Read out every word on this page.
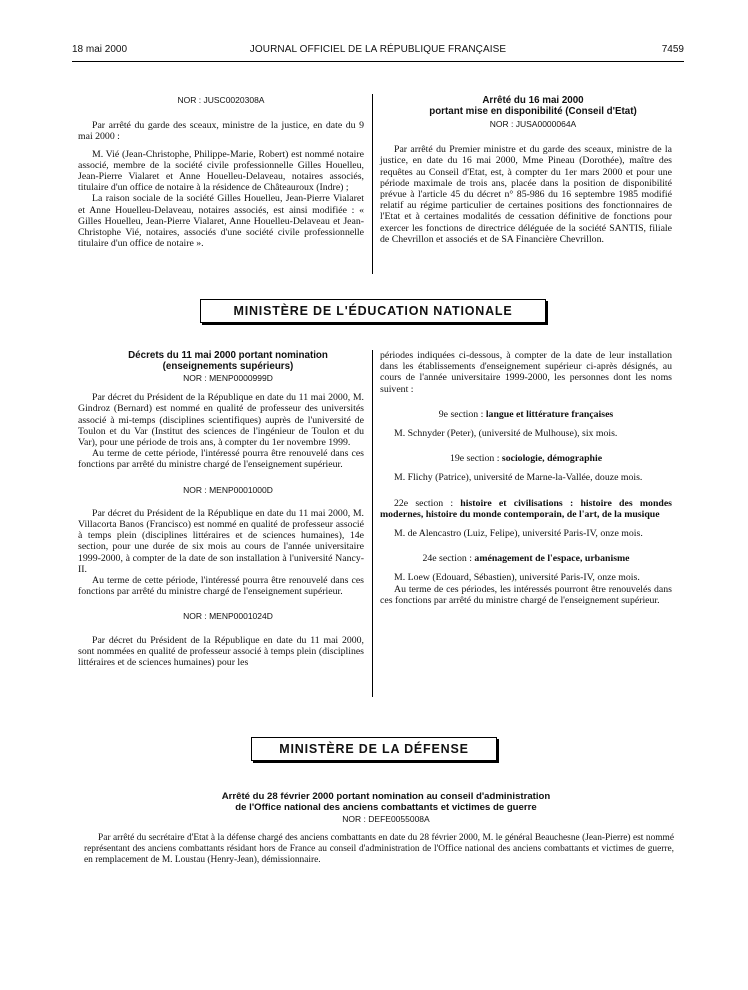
18 mai 2000	JOURNAL OFFICIEL DE LA RÉPUBLIQUE FRANÇAISE	7459

NOR : JUSC0020308A

Par arrêté du garde des sceaux, ministre de la justice, en date du 9 mai 2000 :

M. Vié (Jean-Christophe, Philippe-Marie, Robert) est nommé notaire associé, membre de la société civile professionnelle Gilles Houelleu, Jean-Pierre Vialaret et Anne Houelleu-Delaveau, notaires associés, titulaire d'un office de notaire à la résidence de Châteauroux (Indre) ;

La raison sociale de la société Gilles Houelleu, Jean-Pierre Vialaret et Anne Houelleu-Delaveau, notaires associés, est ainsi modifiée : « Gilles Houelleu, Jean-Pierre Vialaret, Anne Houelleu-Delaveau et Jean-Christophe Vié, notaires, associés d'une société civile professionnelle titulaire d'un office de notaire ».

Arrêté du 16 mai 2000

portant mise en disponibilité (Conseil d'Etat)

NOR : JUSA0000064A

Par arrêté du Premier ministre et du garde des sceaux, ministre de la justice, en date du 16 mai 2000, Mme Pineau (Dorothée), maître des requêtes au Conseil d'Etat, est, à compter du 1er mars 2000 et pour une période maximale de trois ans, placée dans la position de disponibilité prévue à l'article 45 du décret n° 85-986 du 16 septembre 1985 modifié relatif au régime particulier de certaines positions des fonctionnaires de l'Etat et à certaines modalités de cessation définitive de fonctions pour exercer les fonctions de directrice déléguée de la société SANTIS, filiale de Chevrillon et associés et de SA Financière Chevrillon.

MINISTÈRE DE L'ÉDUCATION NATIONALE

Décrets du 11 mai 2000 portant nomination

(enseignements supérieurs)

NOR : MENP0000999D

Par décret du Président de la République en date du 11 mai 2000, M. Gindroz (Bernard) est nommé en qualité de professeur des universités associé à mi-temps (disciplines scientifiques) auprès de l'université de Toulon et du Var (Institut des sciences de l'ingénieur de Toulon et du Var), pour une période de trois ans, à compter du 1er novembre 1999.

Au terme de cette période, l'intéressé pourra être renouvelé dans ces fonctions par arrêté du ministre chargé de l'enseignement supérieur.

NOR : MENP0001000D

Par décret du Président de la République en date du 11 mai 2000, M. Villacorta Banos (Francisco) est nommé en qualité de professeur associé à temps plein (disciplines littéraires et de sciences humaines), 14e section, pour une durée de six mois au cours de l'année universitaire 1999-2000, à compter de la date de son installation à l'université Nancy-II.

Au terme de cette période, l'intéressé pourra être renouvelé dans ces fonctions par arrêté du ministre chargé de l'enseignement supérieur.

NOR : MENP0001024D

Par décret du Président de la République en date du 11 mai 2000, sont nommées en qualité de professeur associé à temps plein (disciplines littéraires et de sciences humaines) pour les

périodes indiquées ci-dessous, à compter de la date de leur installation dans les établissements d'enseignement supérieur ci-après désignés, au cours de l'année universitaire 1999-2000, les personnes dont les noms suivent :

9e section : langue et littérature françaises

M. Schnyder (Peter), (université de Mulhouse), six mois.

19e section : sociologie, démographie

M. Flichy (Patrice), université de Marne-la-Vallée, douze mois.

22e section : histoire et civilisations : histoire des mondes modernes, histoire du monde contemporain, de l'art, de la musique

M. de Alencastro (Luiz, Felipe), université Paris-IV, onze mois.

24e section : aménagement de l'espace, urbanisme

M. Loew (Edouard, Sébastien), université Paris-IV, onze mois.

Au terme de ces périodes, les intéressés pourront être renouvelés dans ces fonctions par arrêté du ministre chargé de l'enseignement supérieur.

MINISTÈRE DE LA DÉFENSE

Arrêté du 28 février 2000 portant nomination au conseil d'administration

de l'Office national des anciens combattants et victimes de guerre

NOR : DEFE0055008A

Par arrêté du secrétaire d'Etat à la défense chargé des anciens combattants en date du 28 février 2000, M. le général Beauchesne (Jean-Pierre) est nommé représentant des anciens combattants résidant hors de France au conseil d'administration de l'Office national des anciens combattants et victimes de guerre, en remplacement de M. Loustau (Henry-Jean), démissionnaire.
